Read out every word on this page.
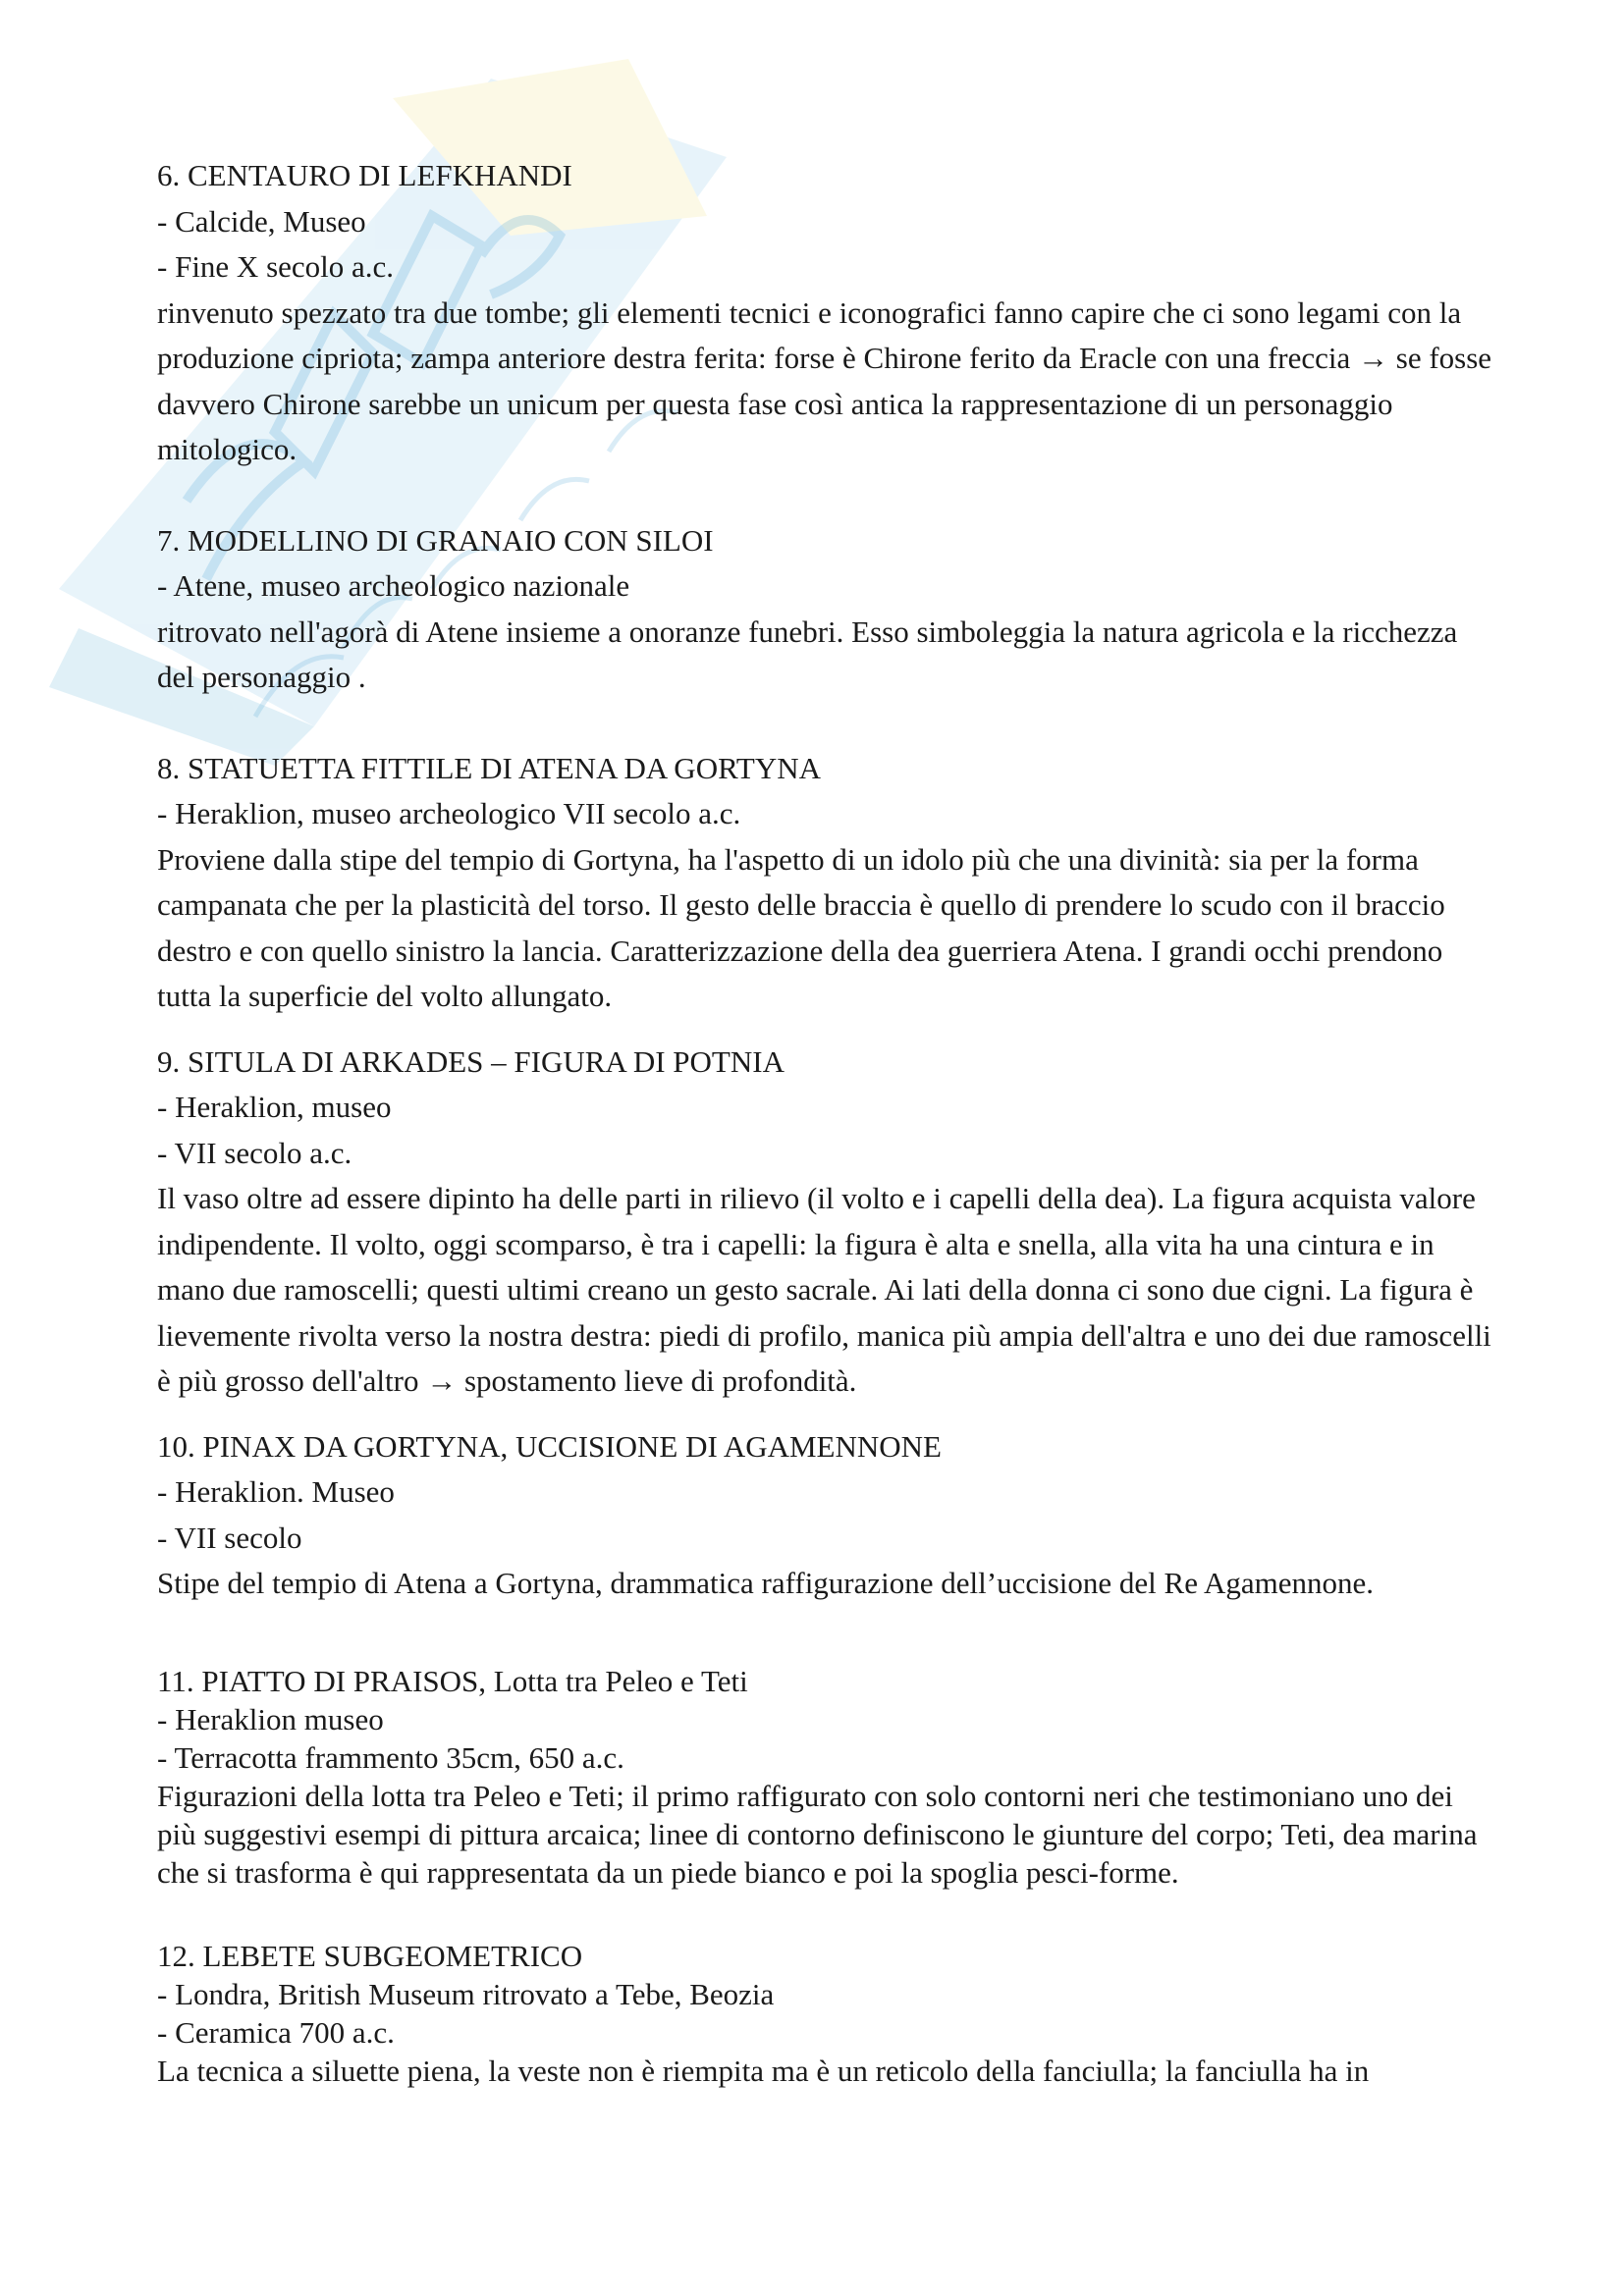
6. CENTAURO DI LEFKHANDI

- Calcide, Museo

- Fine X secolo a.c.

rinvenuto spezzato tra due tombe; gli elementi tecnici e iconografici fanno capire che ci sono legami con la produzione cipriota; zampa anteriore destra ferita: forse è Chirone ferito da Eracle con una freccia → se fosse davvero Chirone sarebbe un unicum per questa fase così antica la rappresentazione di un personaggio mitologico.

7. MODELLINO DI GRANAIO CON SILOI

- Atene, museo archeologico nazionale

ritrovato nell'agorà di Atene insieme a onoranze funebri. Esso simboleggia la natura agricola e la ricchezza del personaggio .

8. STATUETTA FITTILE DI ATENA DA GORTYNA

- Heraklion, museo archeologico VII secolo a.c.

Proviene dalla stipe del tempio di Gortyna, ha l'aspetto di un idolo più che una divinità: sia per la forma campanata che per la plasticità del torso. Il gesto delle braccia è quello di prendere lo scudo con il braccio destro e con quello sinistro la lancia. Caratterizzazione della dea guerriera Atena. I grandi occhi prendono tutta la superficie del volto allungato.

9. SITULA DI ARKADES – FIGURA DI POTNIA

- Heraklion, museo

- VII secolo a.c.

Il vaso oltre ad essere dipinto ha delle parti in rilievo (il volto e i capelli della dea). La figura acquista valore indipendente. Il volto, oggi scomparso, è tra i capelli: la figura è alta e snella, alla vita ha una cintura e in mano due ramoscelli; questi ultimi creano un gesto sacrale. Ai lati della donna ci sono due cigni. La figura è lievemente rivolta verso la nostra destra: piedi di profilo, manica più ampia dell'altra e uno dei due ramoscelli è più grosso dell'altro → spostamento lieve di profondità.

10. PINAX DA GORTYNA, UCCISIONE DI AGAMENNONE

- Heraklion. Museo

- VII secolo

Stipe del tempio di Atena a Gortyna, drammatica raffigurazione dell’uccisione del Re Agamennone.

11. PIATTO DI PRAISOS, Lotta tra Peleo e Teti

- Heraklion museo

- Terracotta frammento 35cm, 650 a.c.

Figurazioni della lotta tra Peleo e Teti; il primo raffigurato con solo contorni neri che testimoniano uno dei più suggestivi esempi di pittura arcaica; linee di contorno definiscono le giunture del corpo; Teti, dea marina che si trasforma è qui rappresentata da un piede bianco e poi la spoglia pesci-forme.

12. LEBETE SUBGEOMETRICO

- Londra, British Museum ritrovato a Tebe, Beozia

- Ceramica 700 a.c.

La tecnica a siluette piena, la veste non è riempita ma è un reticolo della fanciulla; la fanciulla ha in
